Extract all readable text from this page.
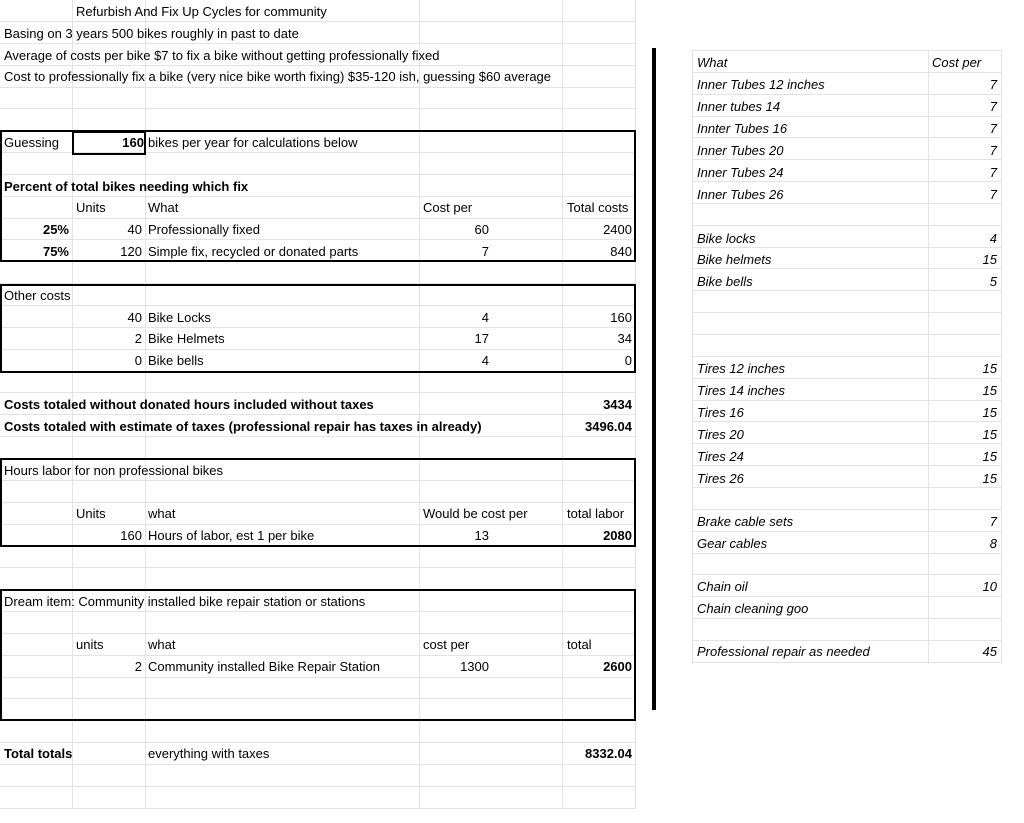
Refurbish And Fix Up Cycles for community
Basing on 3 years 500 bikes roughly in past to date
Average of costs per bike $7 to fix a bike without getting professionally fixed
Cost to professionally fix a bike (very nice bike worth fixing) $35-120 ish, guessing $60 average
Guessing	160 bikes per year for calculations below
Percent of total bikes needing which fix
Units	What	Cost per	Total costs
25%	40 Professionally fixed	60	2400
75%	120 Simple fix, recycled or donated parts	7	840
Other costs
40 Bike Locks	4	160
2 Bike Helmets	17	34
0 Bike bells	4	0
Costs totaled without donated hours included without taxes	3434
Costs totaled with estimate of taxes (professional repair has taxes in already)	3496.04
Hours labor for non professional bikes
Units	what	Would be cost per	total labor
160 Hours of labor, est 1 per bike	13	2080
Dream item: Community installed bike repair station or stations
units	what	cost per	total
2 Community installed Bike Repair Station	1300	2600
Total totals	everything with taxes	8332.04
What	Cost per
Inner Tubes 12 inches	7
Inner tubes 14	7
Innter Tubes 16	7
Inner Tubes 20	7
Inner Tubes 24	7
Inner Tubes 26	7
Bike locks	4
Bike helmets	15
Bike bells	5
Tires 12 inches	15
Tires 14 inches	15
Tires 16	15
Tires 20	15
Tires 24	15
Tires 26	15
Brake cable sets	7
Gear cables	8
Chain oil	10
Chain cleaning goo
Professional repair as needed	45
